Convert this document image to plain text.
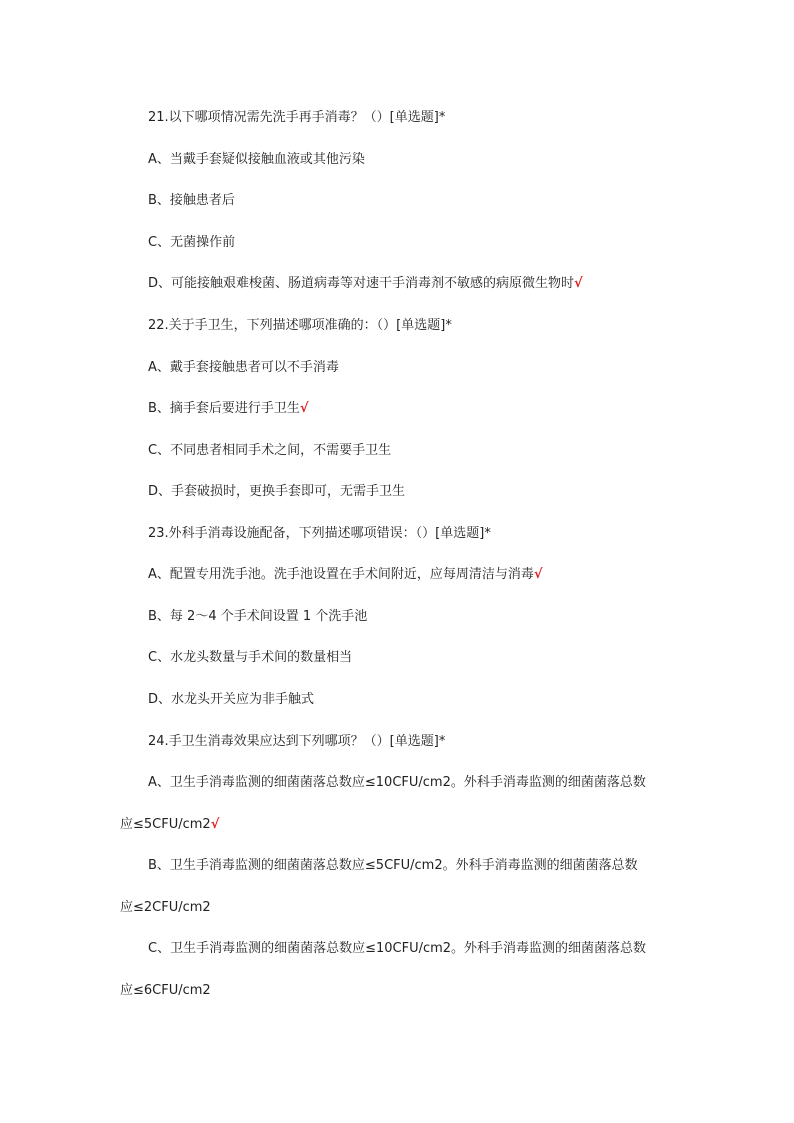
21.以下哪项情况需先洗手再手消毒？（）[单选题]*
A、当戴手套疑似接触血液或其他污染
B、接触患者后
C、无菌操作前
D、可能接触艰难梭菌、肠道病毒等对速干手消毒剂不敏感的病原微生物时√
22.关于手卫生，下列描述哪项准确的：（）[单选题]*
A、戴手套接触患者可以不手消毒
B、摘手套后要进行手卫生√
C、不同患者相同手术之间，不需要手卫生
D、手套破损时，更换手套即可，无需手卫生
23.外科手消毒设施配备，下列描述哪项错误：（）[单选题]*
A、配置专用洗手池。洗手池设置在手术间附近，应每周清洁与消毒√
B、每 2～4 个手术间设置 1 个洗手池
C、水龙头数量与手术间的数量相当
D、水龙头开关应为非手触式
24.手卫生消毒效果应达到下列哪项？（）[单选题]*
A、卫生手消毒监测的细菌菌落总数应≤10CFU/cm2。外科手消毒监测的细菌菌落总数
应≤5CFU/cm2√
B、卫生手消毒监测的细菌菌落总数应≤5CFU/cm2。外科手消毒监测的细菌菌落总数
应≤2CFU/cm2
C、卫生手消毒监测的细菌菌落总数应≤10CFU/cm2。外科手消毒监测的细菌菌落总数
应≤6CFU/cm2
